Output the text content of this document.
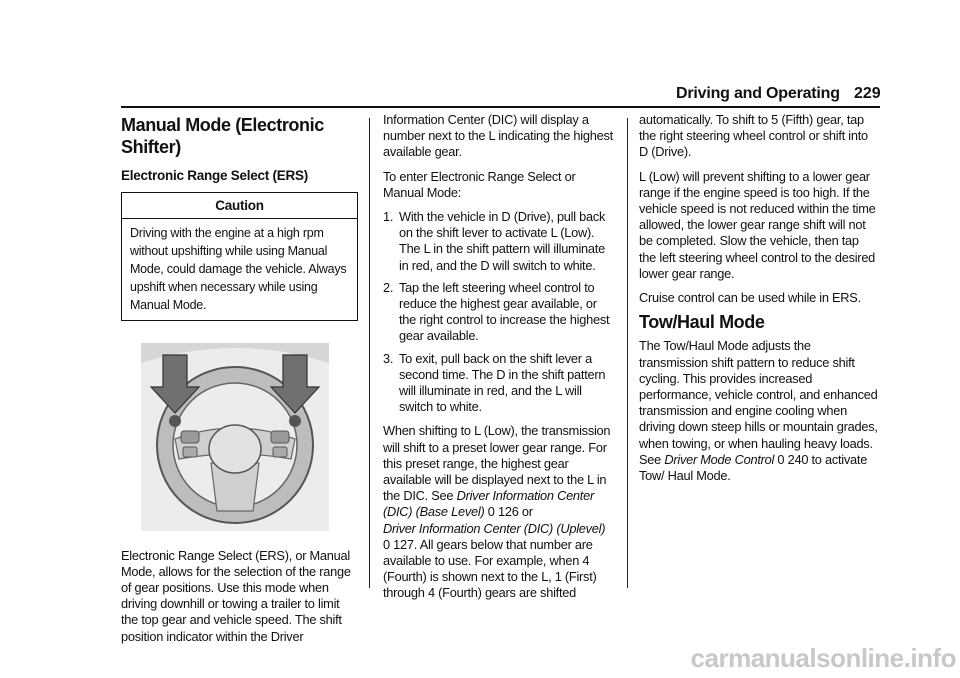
Driving and Operating 229
Manual Mode (Electronic Shifter)
Electronic Range Select (ERS)
Caution
Driving with the engine at a high rpm without upshifting while using Manual Mode, could damage the vehicle. Always upshift when necessary while using Manual Mode.

Electronic Range Select (ERS), or Manual Mode, allows for the selection of the range of gear positions. Use this mode when driving downhill or towing a trailer to limit the top gear and vehicle speed. The shift position indicator within the Driver

Information Center (DIC) will display a number next to the L indicating the highest available gear.

To enter Electronic Range Select or Manual Mode:

1. With the vehicle in D (Drive), pull back on the shift lever to activate L (Low). The L in the shift pattern will illuminate in red, and the D will switch to white.
2. Tap the left steering wheel control to reduce the highest gear available, or the right control to increase the highest gear available.
3. To exit, pull back on the shift lever a second time. The D in the shift pattern will illuminate in red, and the L will switch to white.

When shifting to L (Low), the transmission will shift to a preset lower gear range. For this preset range, the highest gear available will be displayed next to the L in the DIC. See Driver Information Center (DIC) (Base Level) 0 126 or
Driver Information Center (DIC) (Uplevel)
0 127. All gears below that number are available to use. For example, when 4 (Fourth) is shown next to the L, 1 (First) through 4 (Fourth) gears are shifted

automatically. To shift to 5 (Fifth) gear, tap the right steering wheel control or shift into D (Drive).

L (Low) will prevent shifting to a lower gear range if the engine speed is too high. If the vehicle speed is not reduced within the time allowed, the lower gear range shift will not be completed. Slow the vehicle, then tap the left steering wheel control to the desired lower gear range.

Cruise control can be used while in ERS.

Tow/Haul Mode

The Tow/Haul Mode adjusts the transmission shift pattern to reduce shift cycling. This provides increased performance, vehicle control, and enhanced transmission and engine cooling when driving down steep hills or mountain grades, when towing, or when hauling heavy loads. See Driver Mode Control 0 240 to activate Tow/ Haul Mode.

carmanualsonline.info
